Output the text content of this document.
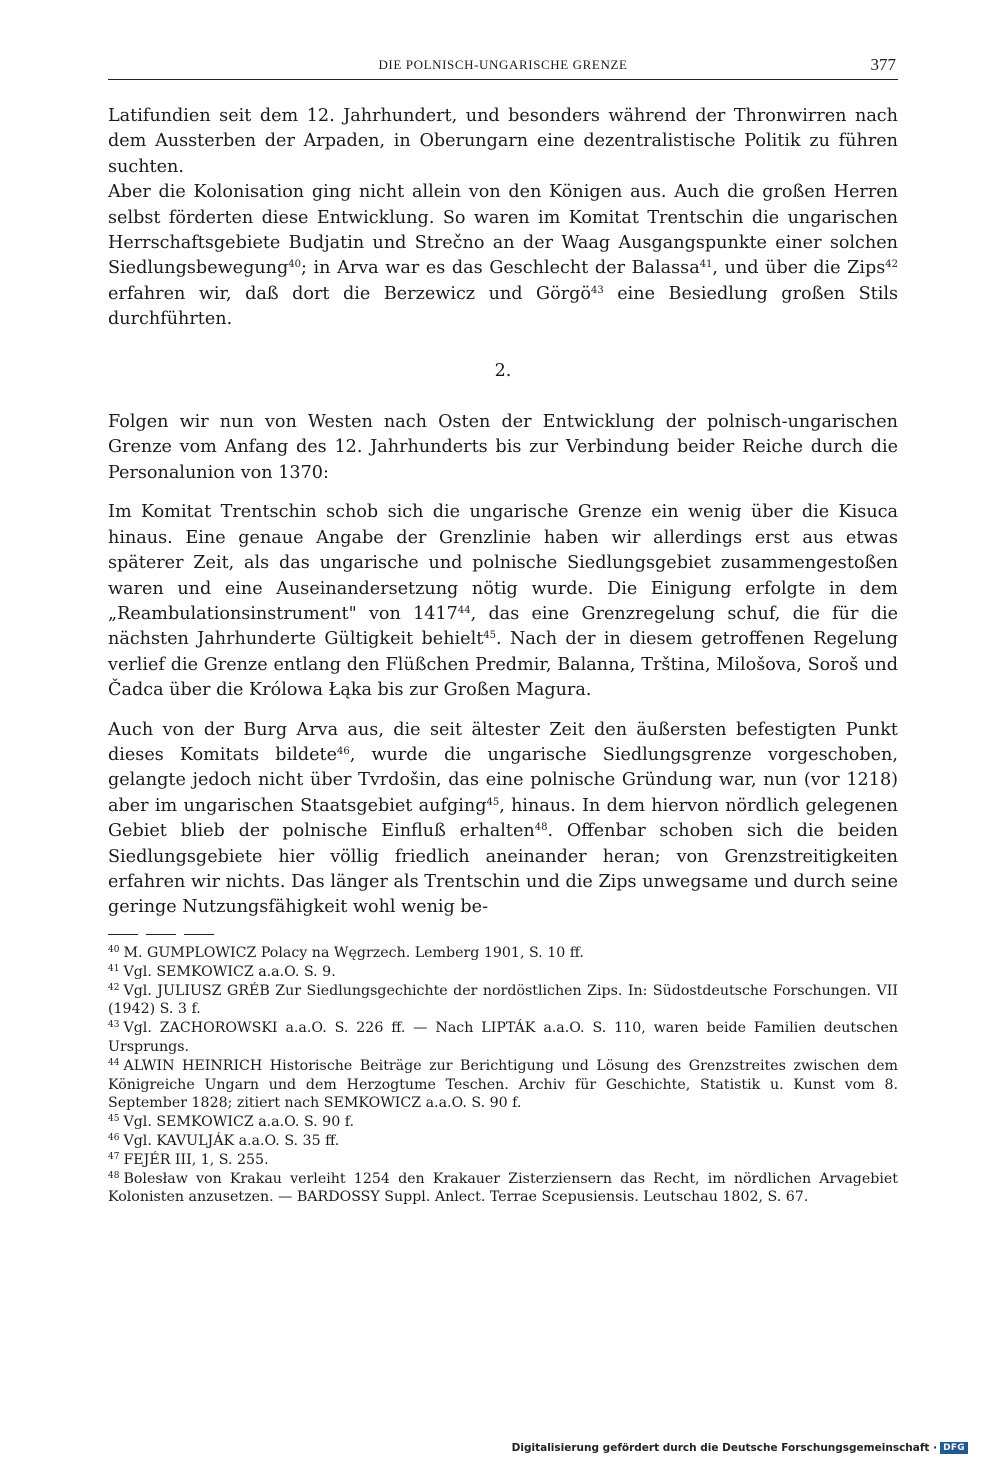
DIE POLNISCH-UNGARISCHE GRENZE	377

Latifundien seit dem 12. Jahrhundert, und besonders während der Thronwirren nach dem Aussterben der Arpaden, in Oberungarn eine dezentralistische Politik zu führen suchten.

Aber die Kolonisation ging nicht allein von den Königen aus. Auch die großen Herren selbst förderten diese Entwicklung. So waren im Komitat Trentschin die ungarischen Herrschaftsgebiete Budjatin und Strečno an der Waag Ausgangspunkte einer solchen Siedlungsbewegung$^{40}$; in Arva war es das Geschlecht der Balassa$^{41}$, und über die Zips$^{42}$ erfahren wir, daß dort die Berzewicz und Görgö$^{43}$ eine Besiedlung großen Stils durchführten.

2.

Folgen wir nun von Westen nach Osten der Entwicklung der polnisch-ungarischen Grenze vom Anfang des 12. Jahrhunderts bis zur Verbindung beider Reiche durch die Personalunion von 1370:

Im Komitat Trentschin schob sich die ungarische Grenze ein wenig über die Kisuca hinaus. Eine genaue Angabe der Grenzlinie haben wir allerdings erst aus etwas späterer Zeit, als das ungarische und polnische Siedlungsgebiet zusammengestoßen waren und eine Auseinandersetzung nötig wurde. Die Einigung erfolgte in dem „Reambulationsinstrument" von 1417$^{44}$, das eine Grenzregelung schuf, die für die nächsten Jahrhunderte Gültigkeit behielt$^{45}$. Nach der in diesem getroffenen Regelung verlief die Grenze entlang den Flüßchen Predmir, Balanna, Trština, Milošova, Soroš und Čadca über die Królowa Łąka bis zur Großen Magura.

Auch von der Burg Arva aus, die seit ältester Zeit den äußersten befestigten Punkt dieses Komitats bildete$^{46}$, wurde die ungarische Siedlungsgrenze vorgeschoben, gelangte jedoch nicht über Tvrdošin, das eine polnische Gründung war, nun (vor 1218) aber im ungarischen Staatsgebiet aufging$^{45}$, hinaus. In dem hiervon nördlich gelegenen Gebiet blieb der polnische Einfluß erhalten$^{48}$. Offenbar schoben sich die beiden Siedlungsgebiete hier völlig friedlich aneinander heran; von Grenzstreitigkeiten erfahren wir nichts. Das länger als Trentschin und die Zips unwegsame und durch seine geringe Nutzungsfähigkeit wohl wenig be-

$^{40}$ M. GUMPLOWICZ Polacy na Węgrzech. Lemberg 1901, S. 10 ff.

$^{41}$ Vgl. SEMKOWICZ a.a.O. S. 9.

$^{42}$ Vgl. JULIUSZ GRÉB Zur Siedlungsgechichte der nordöstlichen Zips. In: Südostdeutsche Forschungen. VII (1942) S. 3 f.

$^{43}$ Vgl. ZACHOROWSKI a.a.O. S. 226 ff. — Nach LIPTÁK a.a.O. S. 110, waren beide Familien deutschen Ursprungs.

$^{44}$ ALWIN HEINRICH Historische Beiträge zur Berichtigung und Lösung des Grenzstreites zwischen dem Königreiche Ungarn und dem Herzogtume Teschen. Archiv für Geschichte, Statistik u. Kunst vom 8. September 1828; zitiert nach SEMKOWICZ a.a.O. S. 90 f.

$^{45}$ Vgl. SEMKOWICZ a.a.O. S. 90 f.

$^{46}$ Vgl. KAVULJÁK a.a.O. S. 35 ff.

$^{47}$ FEJÉR III, 1, S. 255.

$^{48}$ Bolesław von Krakau verleiht 1254 den Krakauer Zisterziensern das Recht, im nördlichen Arvagebiet Kolonisten anzusetzen. — BARDOSSY Suppl. Anlect. Terrae Scepusiensis. Leutschau 1802, S. 67.

Digitalisierung gefördert durch die Deutsche Forschungsgemeinschaft · DFG
